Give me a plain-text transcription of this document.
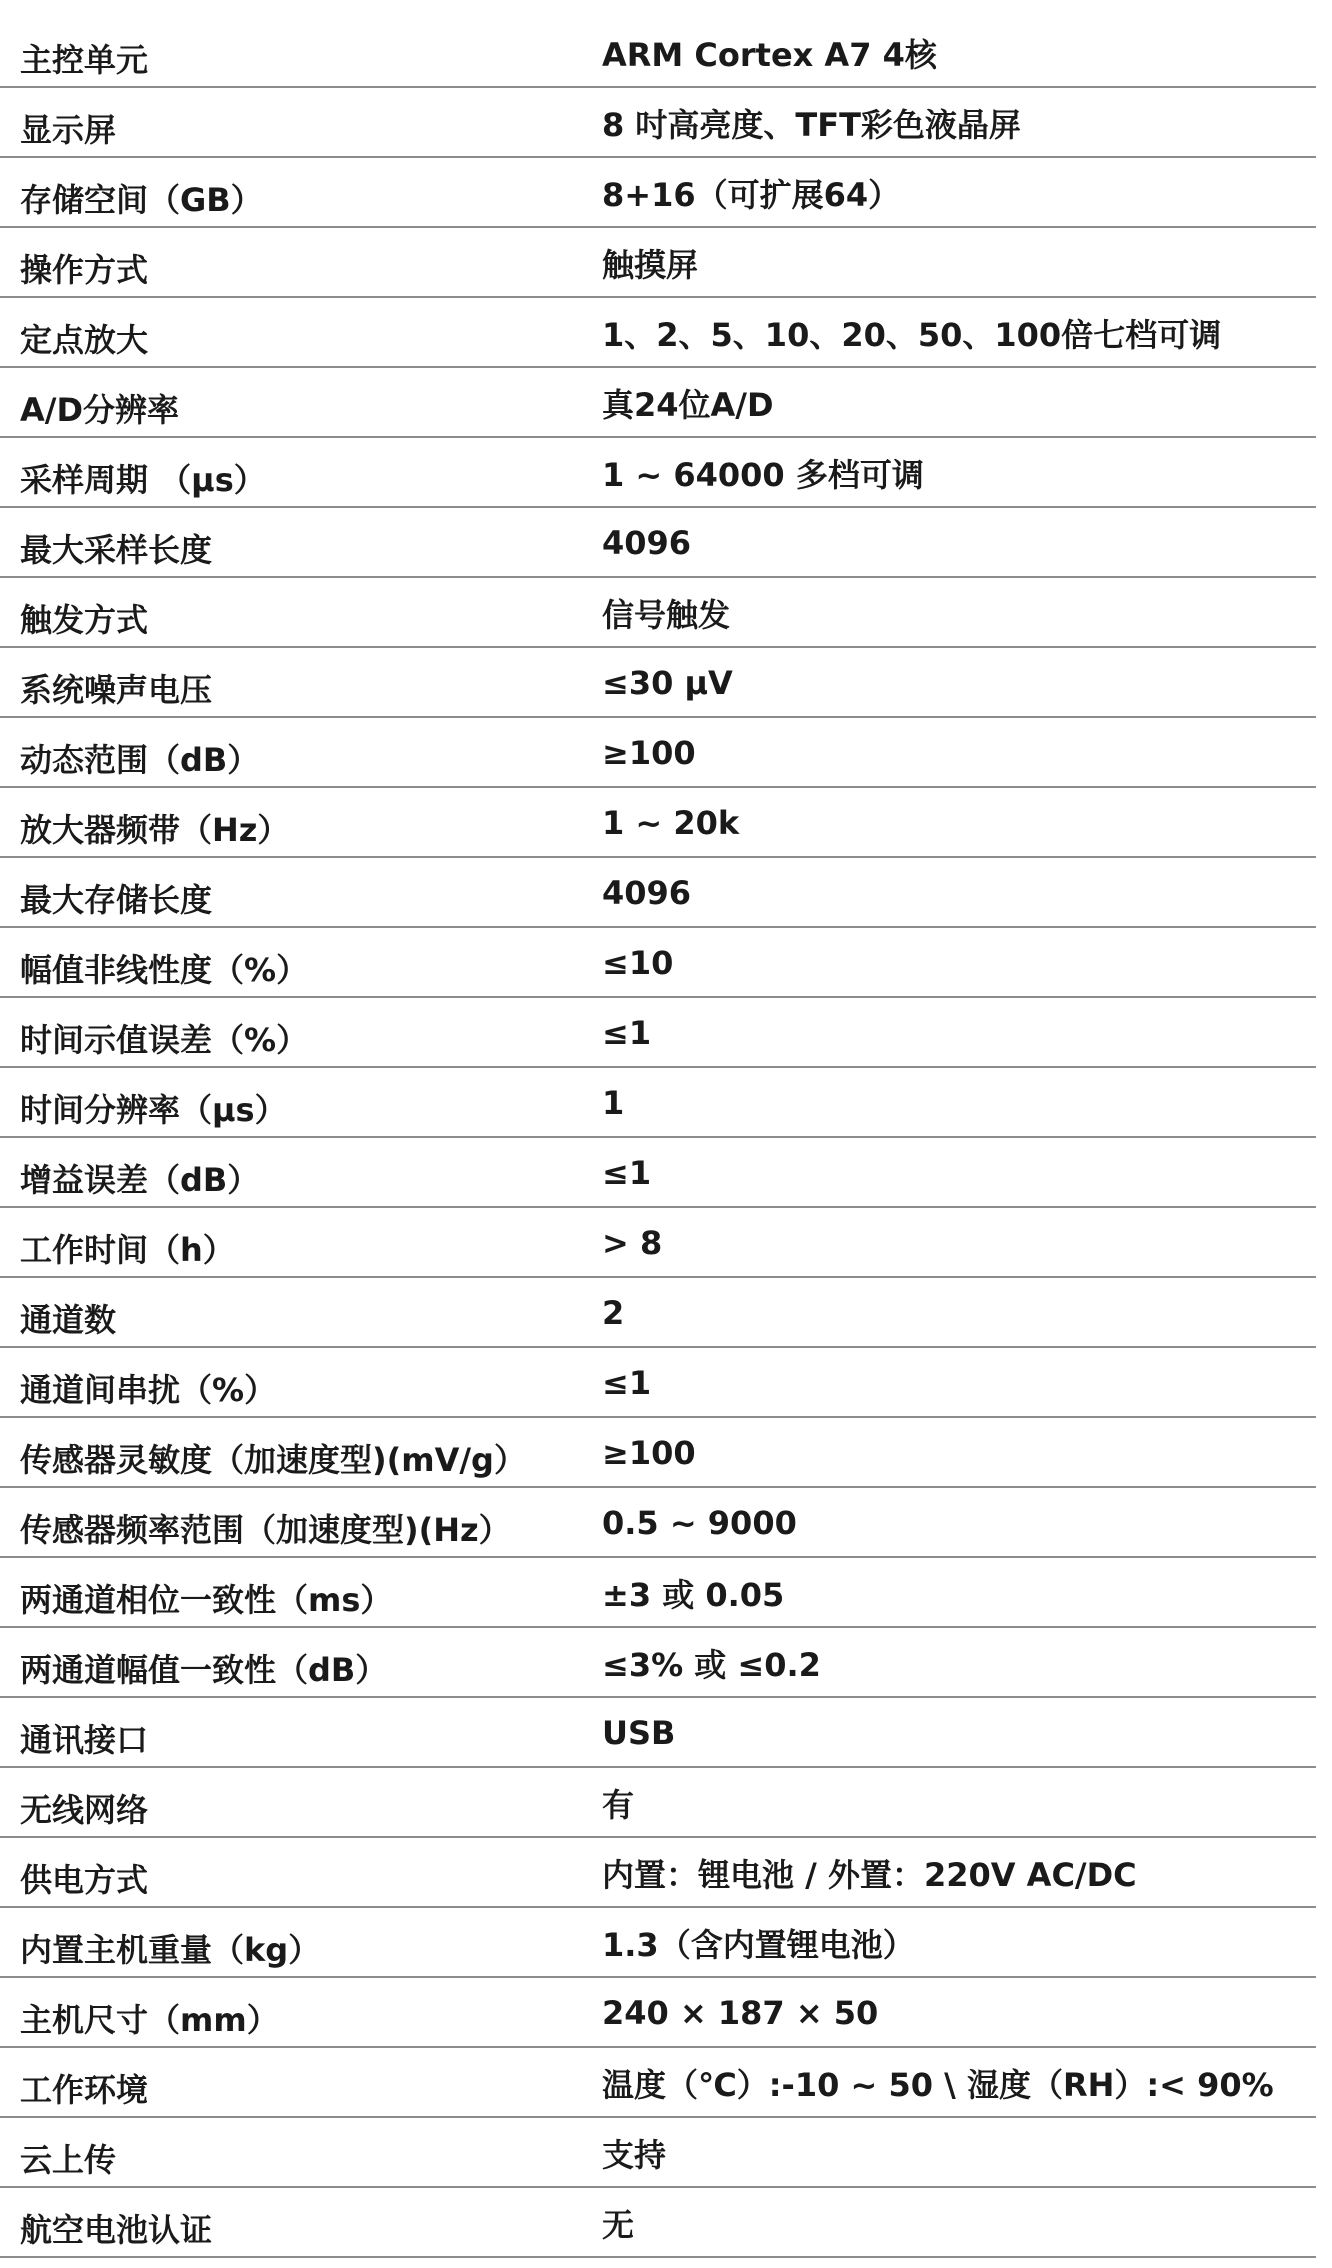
主控单元	ARM Cortex A7 4核
显示屏	8 吋高亮度、TFT彩色液晶屏
存储空间（GB）	8+16（可扩展64）
操作方式	触摸屏
定点放大	1、2、5、10、20、50、100倍七档可调
A/D分辨率	真24位A/D
采样周期 （μs）	1 ~ 64000 多档可调
最大采样长度	4096
触发方式	信号触发
系统噪声电压	≤30 μV
动态范围（dB）	≥100
放大器频带（Hz）	1 ~ 20k
最大存储长度	4096
幅值非线性度（%）	≤10
时间示值误差（%）	≤1
时间分辨率（μs）	1
增益误差（dB）	≤1
工作时间（h）	> 8
通道数	2
通道间串扰（%）	≤1
传感器灵敏度（加速度型)(mV/g）	≥100
传感器频率范围（加速度型)(Hz）	0.5 ~ 9000
两通道相位一致性（ms）	±3 或 0.05
两通道幅值一致性（dB）	≤3% 或 ≤0.2
通讯接口	USB
无线网络	有
供电方式	内置：锂电池 / 外置：220V AC/DC
内置主机重量（kg）	1.3（含内置锂电池）
主机尺寸（mm）	240 × 187 × 50
工作环境	温度（℃）:-10 ~ 50 \ 湿度（RH）:< 90%
云上传	支持
航空电池认证	无
